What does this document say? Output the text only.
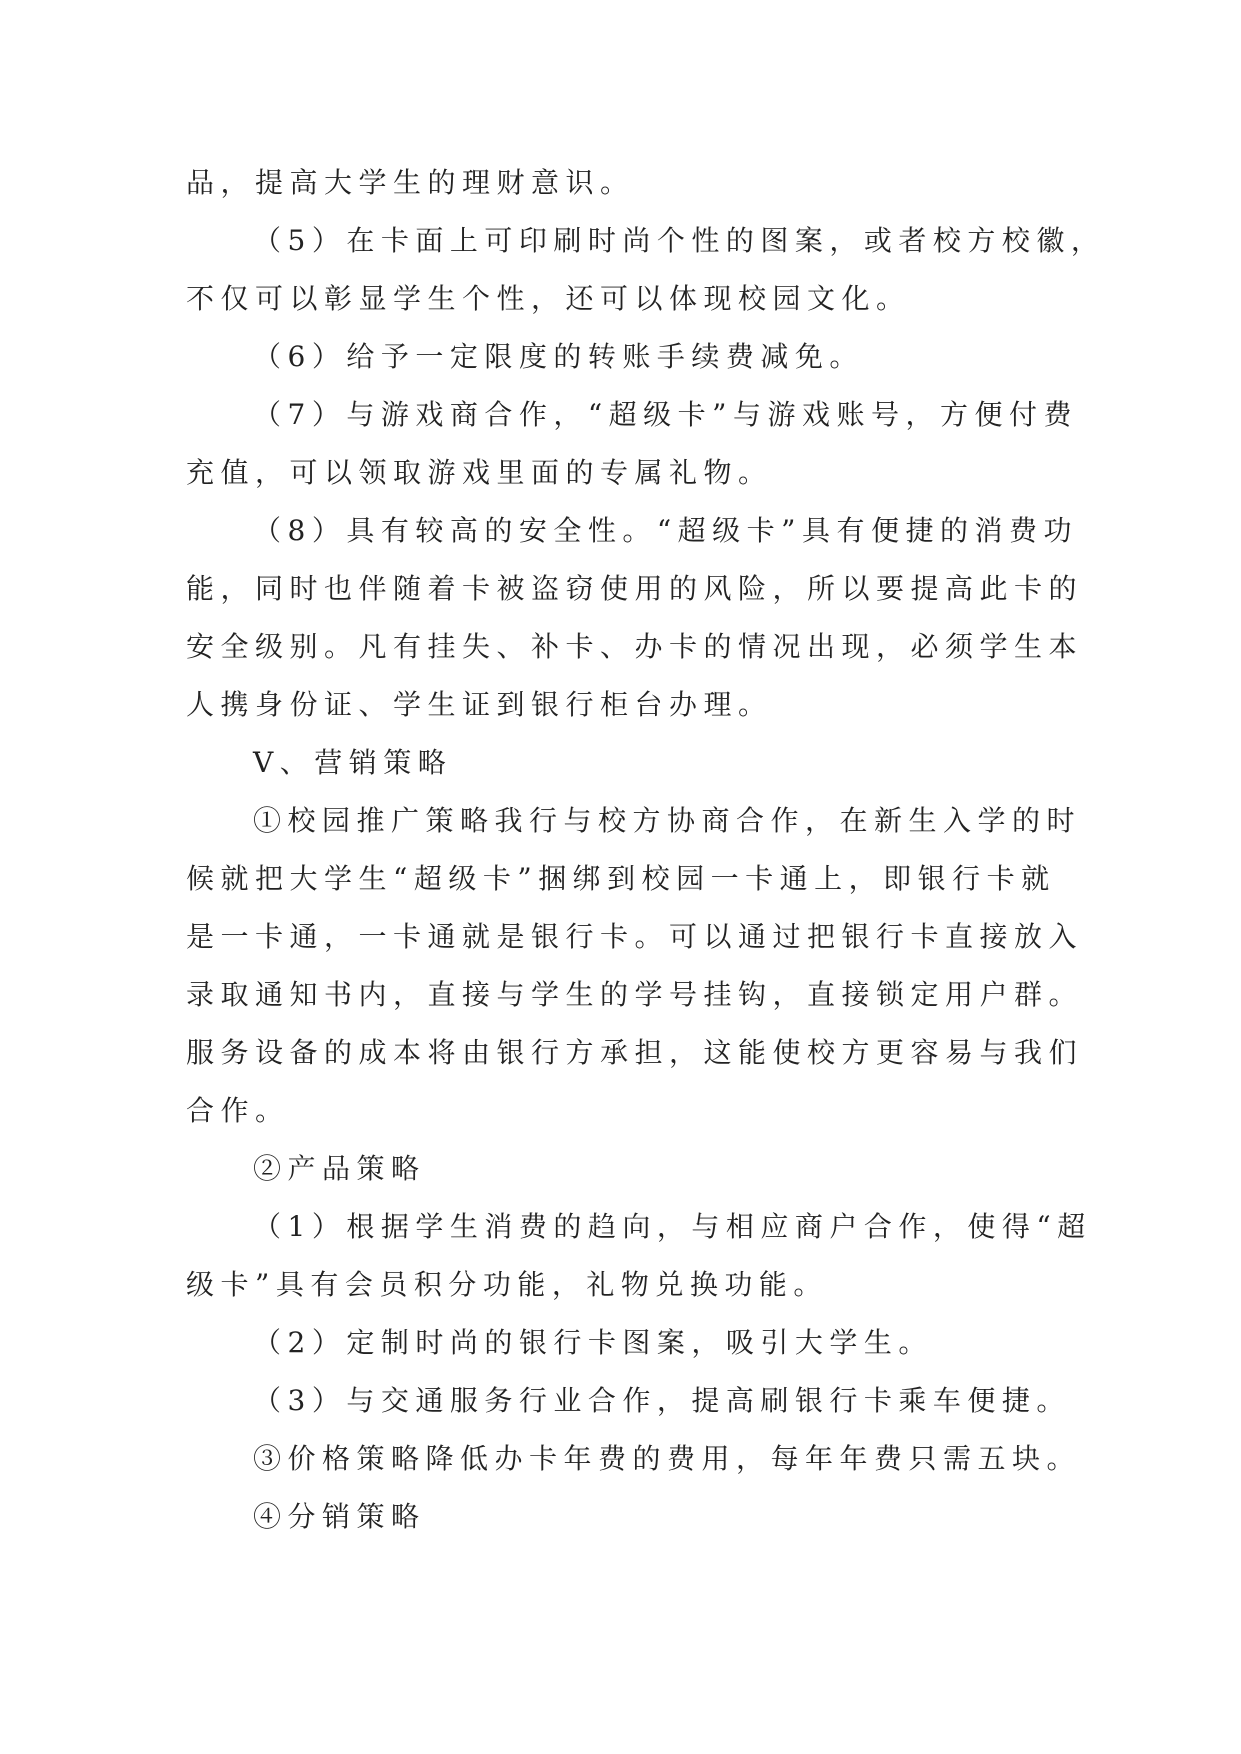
品，提高大学生的理财意识。
（5）在卡面上可印刷时尚个性的图案，或者校方校徽，
不仅可以彰显学生个性，还可以体现校园文化。
（6）给予一定限度的转账手续费减免。
（7）与游戏商合作，“超级卡”与游戏账号，方便付费
充值，可以领取游戏里面的专属礼物。
（8）具有较高的安全性。“超级卡”具有便捷的消费功
能，同时也伴随着卡被盗窃使用的风险，所以要提高此卡的
安全级别。凡有挂失、补卡、办卡的情况出现，必须学生本
人携身份证、学生证到银行柜台办理。
Ⅴ、营销策略
①校园推广策略我行与校方协商合作，在新生入学的时
候就把大学生“超级卡”捆绑到校园一卡通上，即银行卡就
是一卡通，一卡通就是银行卡。可以通过把银行卡直接放入
录取通知书内，直接与学生的学号挂钩，直接锁定用户群。
服务设备的成本将由银行方承担，这能使校方更容易与我们
合作。
②产品策略
（1）根据学生消费的趋向，与相应商户合作，使得“超
级卡”具有会员积分功能，礼物兑换功能。
（2）定制时尚的银行卡图案，吸引大学生。
（3）与交通服务行业合作，提高刷银行卡乘车便捷。
③价格策略降低办卡年费的费用，每年年费只需五块。
④分销策略
